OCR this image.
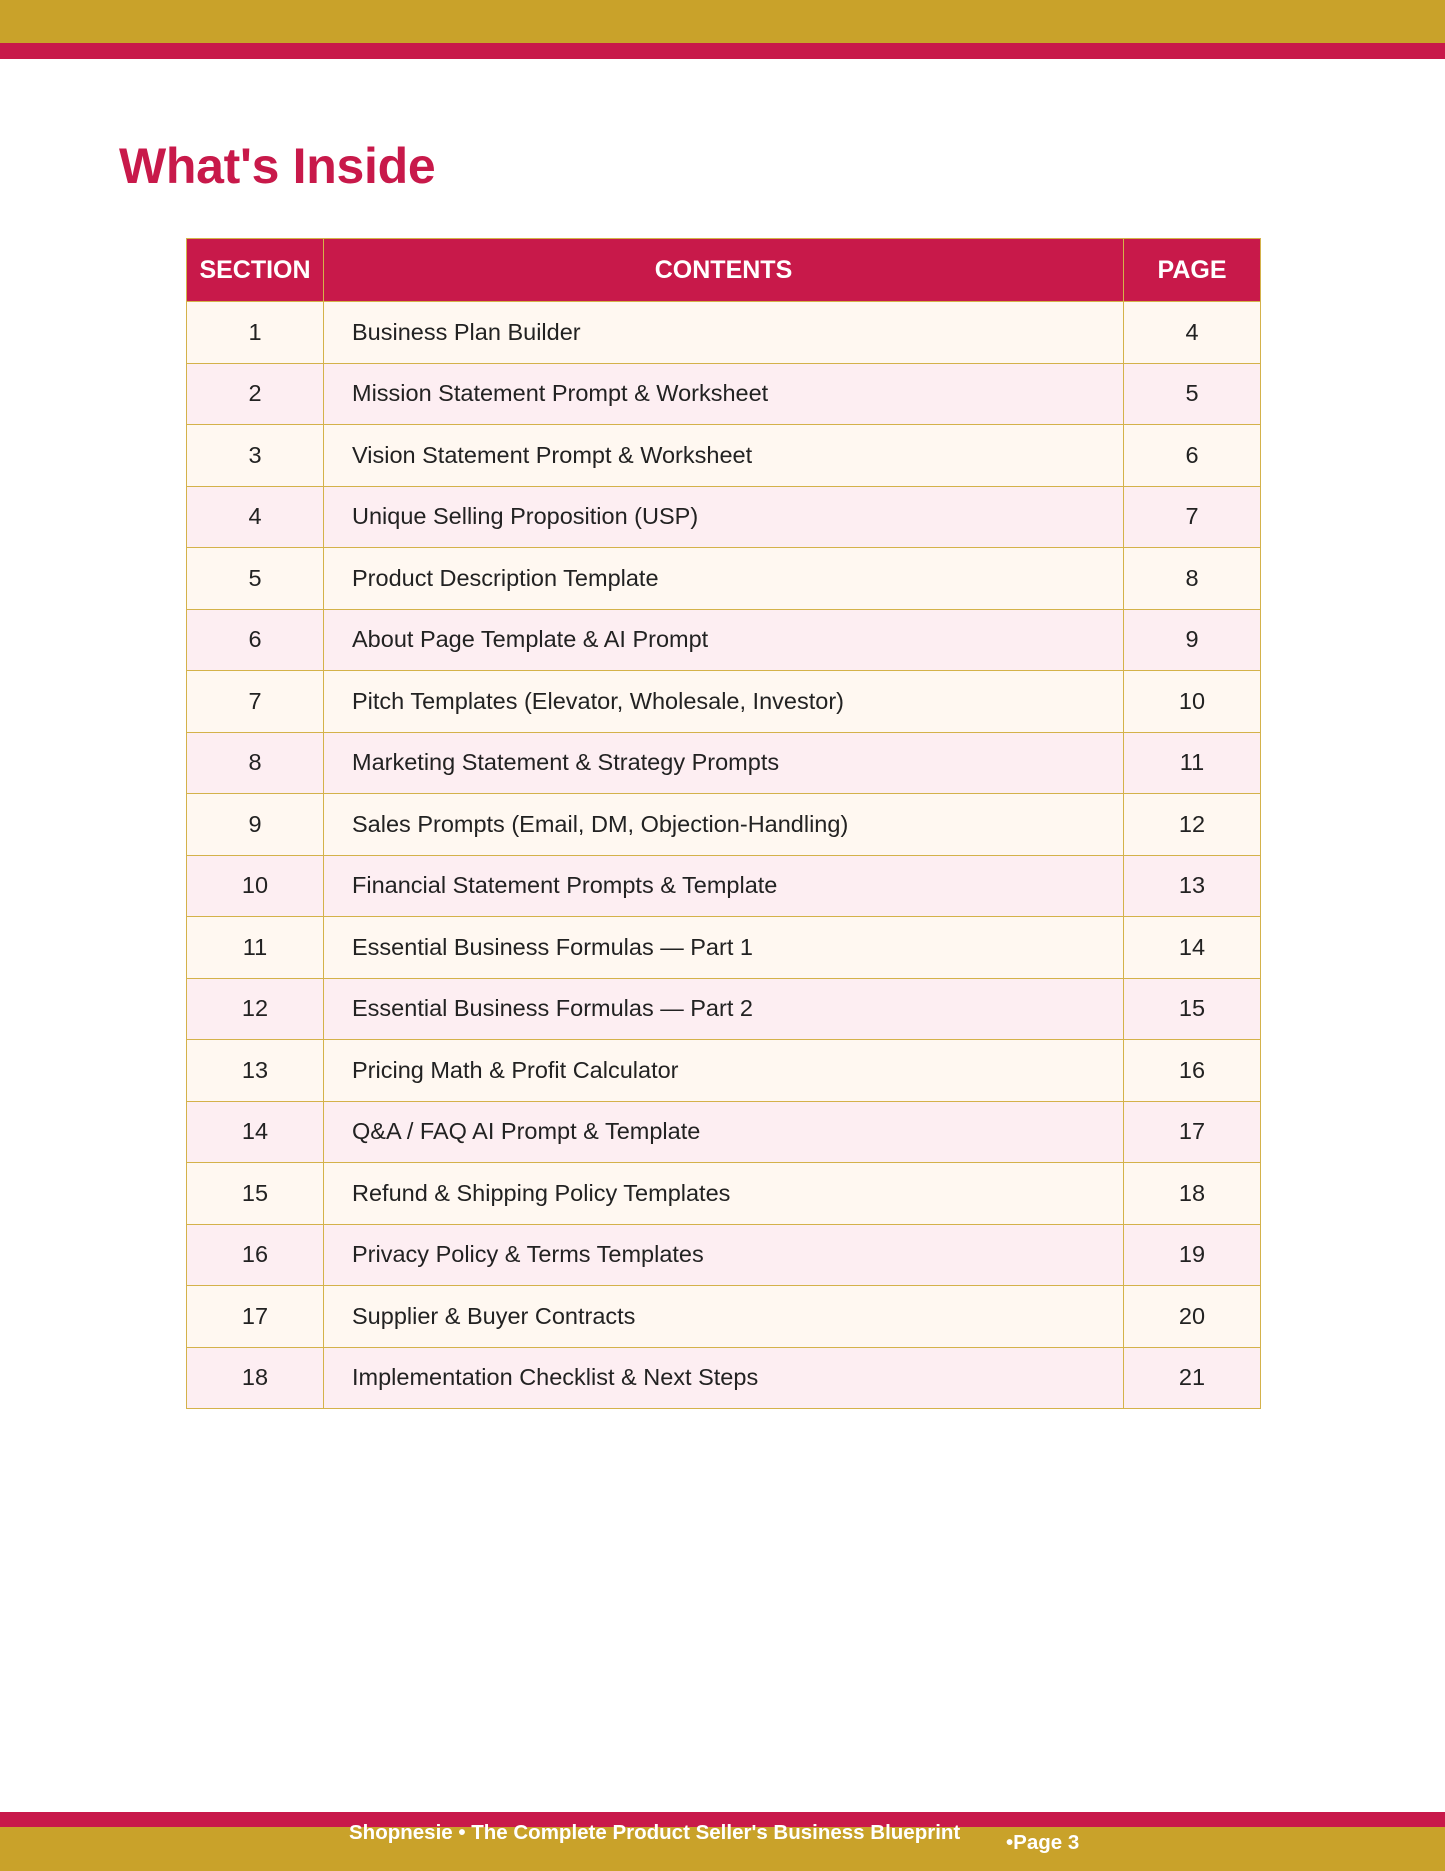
What's Inside
SECTION	CONTENTS	PAGE
1	Business Plan Builder	4
2	Mission Statement Prompt & Worksheet	5
3	Vision Statement Prompt & Worksheet	6
4	Unique Selling Proposition (USP)	7
5	Product Description Template	8
6	About Page Template & AI Prompt	9
7	Pitch Templates (Elevator, Wholesale, Investor)	10
8	Marketing Statement & Strategy Prompts	11
9	Sales Prompts (Email, DM, Objection-Handling)	12
10	Financial Statement Prompts & Template	13
11	Essential Business Formulas — Part 1	14
12	Essential Business Formulas — Part 2	15
13	Pricing Math & Profit Calculator	16
14	Q&A / FAQ AI Prompt & Template	17
15	Refund & Shipping Policy Templates	18
16	Privacy Policy & Terms Templates	19
17	Supplier & Buyer Contracts	20
18	Implementation Checklist & Next Steps	21
Shopnesie • The Complete Product Seller's Business Blueprint •Page 3
